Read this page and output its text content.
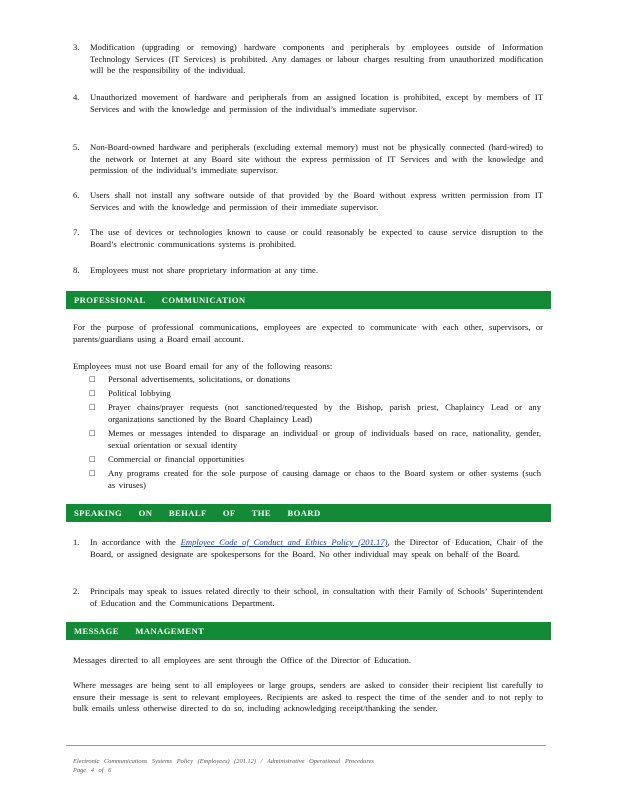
3.	Modification (upgrading or removing) hardware components and peripherals by employees outside of Information Technology Services (IT Services) is prohibited. Any damages or labour charges resulting from unauthorized modification will be the responsibility of the individual.
4.	Unauthorized movement of hardware and peripherals from an assigned location is prohibited, except by members of IT Services and with the knowledge and permission of the individual’s immediate supervisor.
5.	Non-Board-owned hardware and peripherals (excluding external memory) must not be physically connected (hard-wired) to the network or Internet at any Board site without the express permission of IT Services and with the knowledge and permission of the individual’s immediate supervisor.
6.	Users shall not install any software outside of that provided by the Board without express written permission from IT Services and with the knowledge and permission of their immediate supervisor.
7.	The use of devices or technologies known to cause or could reasonably be expected to cause service disruption to the Board’s electronic communications systems is prohibited.
8.	Employees must not share proprietary information at any time.
PROFESSIONAL COMMUNICATION
For the purpose of professional communications, employees are expected to communicate with each other, supervisors, or parents/guardians using a Board email account.
Employees must not use Board email for any of the following reasons:
□ Personal advertisements, solicitations, or donations
□ Political lobbying
□ Prayer chains/prayer requests (not sanctioned/requested by the Bishop, parish priest, Chaplaincy Lead or any organizations sanctioned by the Board Chaplaincy Lead)
□ Memes or messages intended to disparage an individual or group of individuals based on race, nationality, gender, sexual orientation or sexual identity
□ Commercial or financial opportunities
□ Any programs created for the sole purpose of causing damage or chaos to the Board system or other systems (such as viruses)
SPEAKING ON BEHALF OF THE BOARD
1.	In accordance with the Employee Code of Conduct and Ethics Policy (201.17), the Director of Education, Chair of the Board, or assigned designate are spokespersons for the Board. No other individual may speak on behalf of the Board.
2.	Principals may speak to issues related directly to their school, in consultation with their Family of Schools’ Superintendent of Education and the Communications Department.
MESSAGE MANAGEMENT
Messages directed to all employees are sent through the Office of the Director of Education.
Where messages are being sent to all employees or large groups, senders are asked to consider their recipient list carefully to ensure their message is sent to relevant employees. Recipients are asked to respect the time of the sender and to not reply to bulk emails unless otherwise directed to do so, including acknowledging receipt/thanking the sender.
Electronic Communications Systems Policy (Employees) (201.12) / Administrative Operational Procedures
Page 4 of 6
